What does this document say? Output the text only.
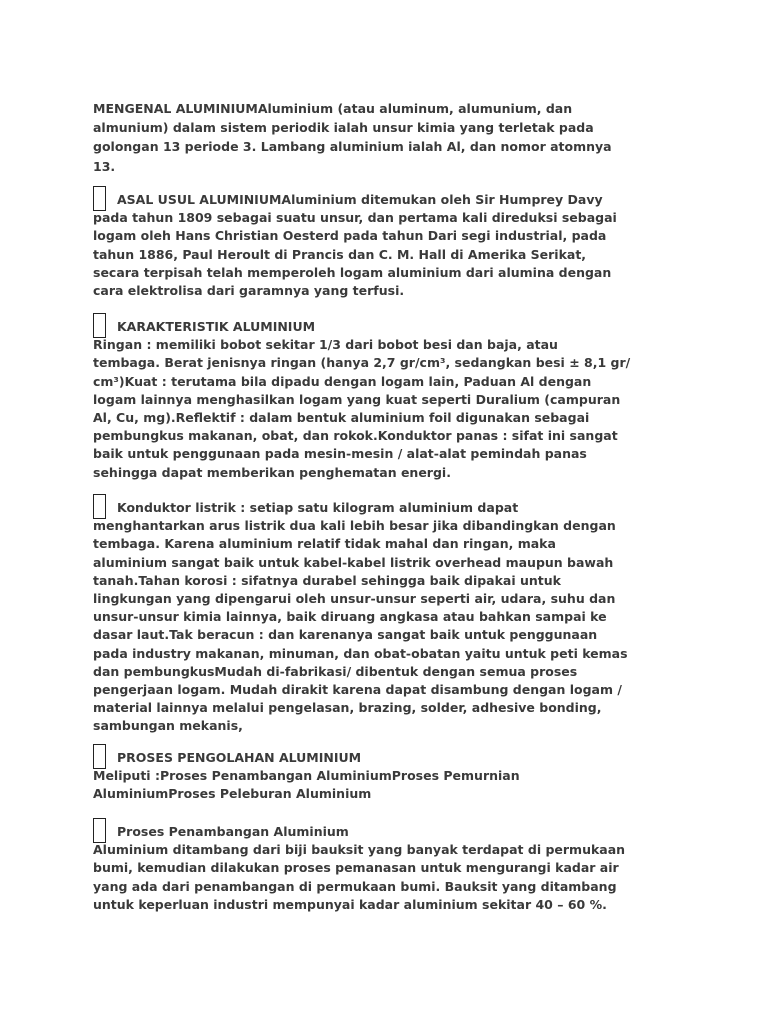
MENGENAL ALUMINIUMAluminium (atau aluminum, alumunium, dan
almunium) dalam sistem periodik ialah unsur kimia yang terletak pada
golongan 13 periode 3. Lambang aluminium ialah Al, dan nomor atomnya
13.
ASAL USUL ALUMINIUMAluminium ditemukan oleh Sir Humprey Davy
pada tahun 1809 sebagai suatu unsur, dan pertama kali direduksi sebagai
logam oleh Hans Christian Oesterd pada tahun Dari segi industrial, pada
tahun 1886, Paul Heroult di Prancis dan C. M. Hall di Amerika Serikat,
secara terpisah telah memperoleh logam aluminium dari alumina dengan
cara elektrolisa dari garamnya yang terfusi.
KARAKTERISTIK ALUMINIUM
Ringan : memiliki bobot sekitar 1/3 dari bobot besi dan baja, atau
tembaga. Berat jenisnya ringan (hanya 2,7 gr/cm³, sedangkan besi ± 8,1 gr/
cm³)Kuat : terutama bila dipadu dengan logam lain, Paduan Al dengan
logam lainnya menghasilkan logam yang kuat seperti Duralium (campuran
Al, Cu, mg).Reflektif : dalam bentuk aluminium foil digunakan sebagai
pembungkus makanan, obat, dan rokok.Konduktor panas : sifat ini sangat
baik untuk penggunaan pada mesin-mesin / alat-alat pemindah panas
sehingga dapat memberikan penghematan energi.
Konduktor listrik : setiap satu kilogram aluminium dapat
menghantarkan arus listrik dua kali lebih besar jika dibandingkan dengan
tembaga. Karena aluminium relatif tidak mahal dan ringan, maka
aluminium sangat baik untuk kabel-kabel listrik overhead maupun bawah
tanah.Tahan korosi : sifatnya durabel sehingga baik dipakai untuk
lingkungan yang dipengarui oleh unsur-unsur seperti air, udara, suhu dan
unsur-unsur kimia lainnya, baik diruang angkasa atau bahkan sampai ke
dasar laut.Tak beracun : dan karenanya sangat baik untuk penggunaan
pada industry makanan, minuman, dan obat-obatan yaitu untuk peti kemas
dan pembungkusMudah di-fabrikasi/ dibentuk dengan semua proses
pengerjaan logam. Mudah dirakit karena dapat disambung dengan logam /
material lainnya melalui pengelasan, brazing, solder, adhesive bonding,
sambungan mekanis,
PROSES PENGOLAHAN ALUMINIUM
Meliputi :Proses Penambangan AluminiumProses Pemurnian
AluminiumProses Peleburan Aluminium
Proses Penambangan Aluminium
Aluminium ditambang dari biji bauksit yang banyak terdapat di permukaan
bumi, kemudian dilakukan proses pemanasan untuk mengurangi kadar air
yang ada dari penambangan di permukaan bumi. Bauksit yang ditambang
untuk keperluan industri mempunyai kadar aluminium sekitar 40 – 60 %.
